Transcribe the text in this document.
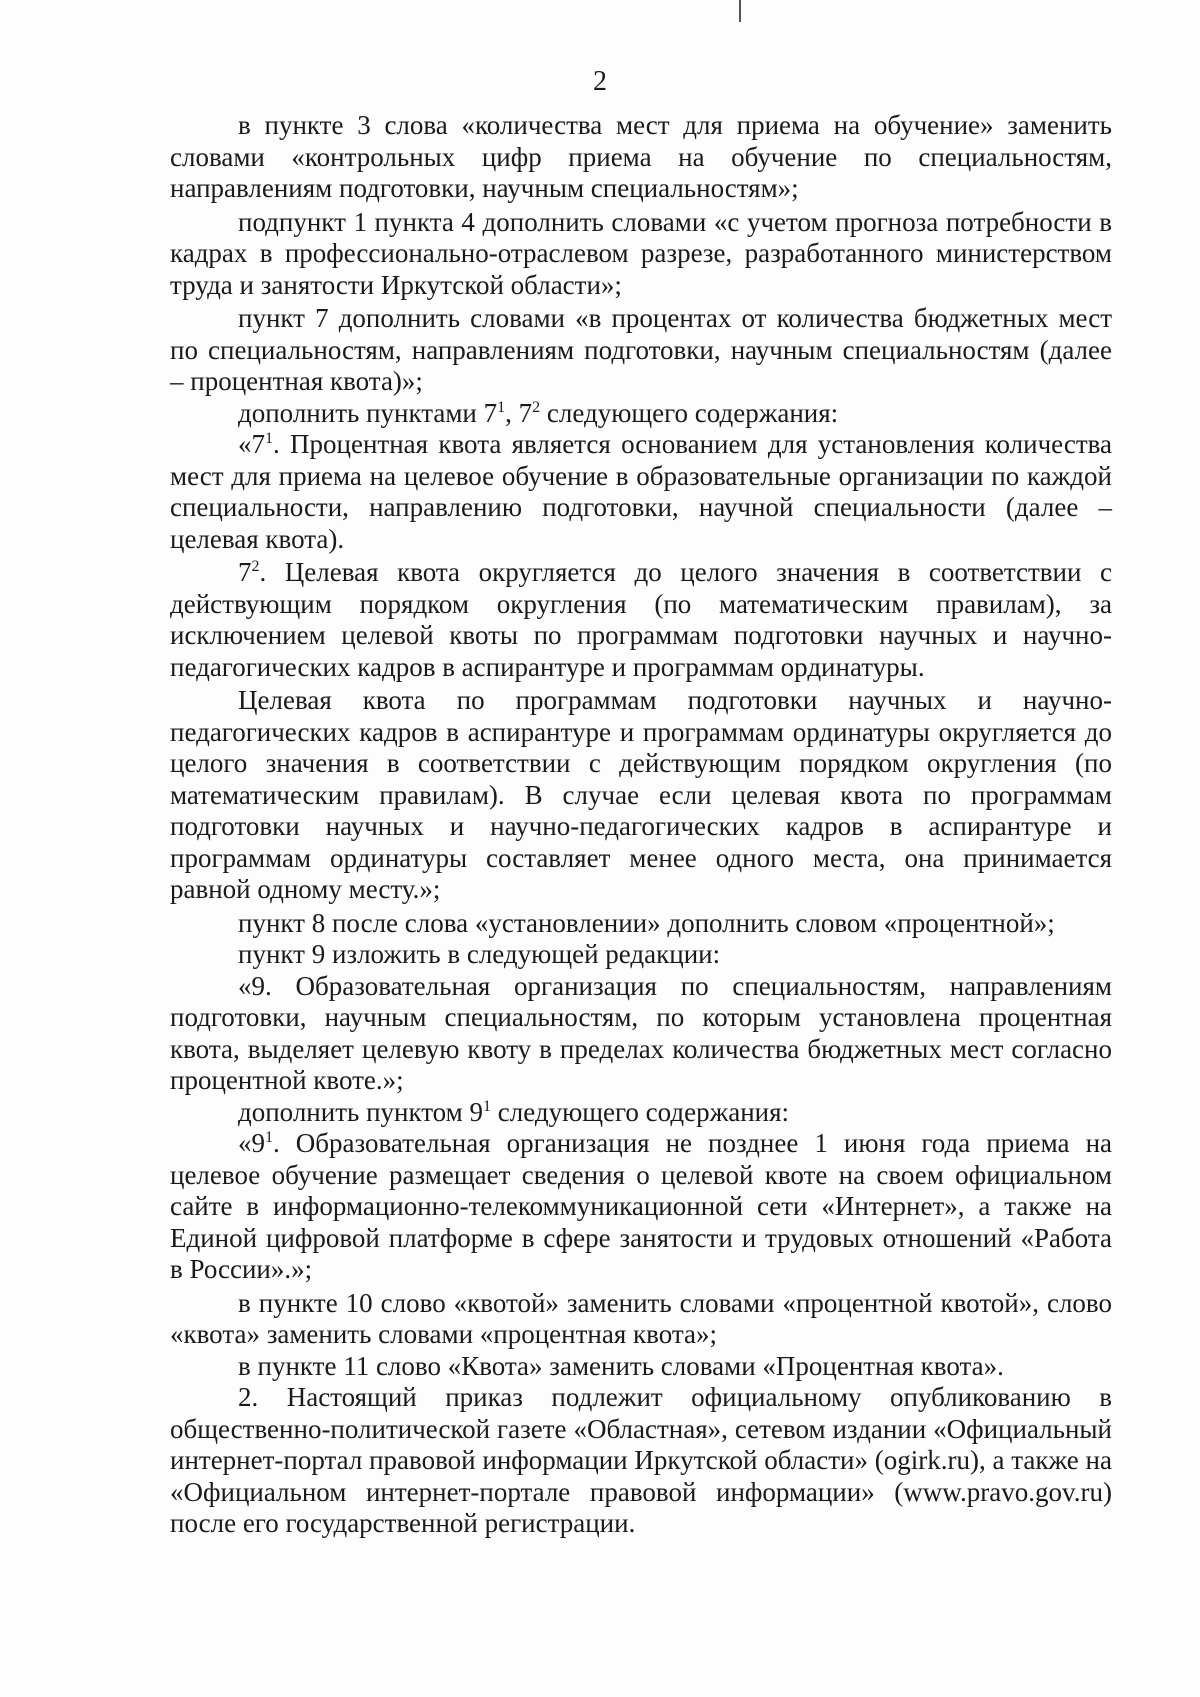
2

в пункте 3 слова «количества мест для приема на обучение» заменить словами «контрольных цифр приема на обучение по специальностям, направлениям подготовки, научным специальностям»;

подпункт 1 пункта 4 дополнить словами «с учетом прогноза потребности в кадрах в профессионально-отраслевом разрезе, разработанного министерством труда и занятости Иркутской области»;

пункт 7 дополнить словами «в процентах от количества бюджетных мест по специальностям, направлениям подготовки, научным специальностям (далее – процентная квота)»;

дополнить пунктами $7^1$, $7^2$ следующего содержания:

«$7^1$. Процентная квота является основанием для установления количества мест для приема на целевое обучение в образовательные организации по каждой специальности, направлению подготовки, научной специальности (далее – целевая квота).

$7^2$. Целевая квота округляется до целого значения в соответствии с действующим порядком округления (по математическим правилам), за исключением целевой квоты по программам подготовки научных и научно-педагогических кадров в аспирантуре и программам ординатуры.

Целевая квота по программам подготовки научных и научно-педагогических кадров в аспирантуре и программам ординатуры округляется до целого значения в соответствии с действующим порядком округления (по математическим правилам). В случае если целевая квота по программам подготовки научных и научно-педагогических кадров в аспирантуре и программам ординатуры составляет менее одного места, она принимается равной одному месту.»;

пункт 8 после слова «установлении» дополнить словом «процентной»;

пункт 9 изложить в следующей редакции:

«9. Образовательная организация по специальностям, направлениям подготовки, научным специальностям, по которым установлена процентная квота, выделяет целевую квоту в пределах количества бюджетных мест согласно процентной квоте.»;

дополнить пунктом $9^1$ следующего содержания:

«$9^1$. Образовательная организация не позднее 1 июня года приема на целевое обучение размещает сведения о целевой квоте на своем официальном сайте в информационно-телекоммуникационной сети «Интернет», а также на Единой цифровой платформе в сфере занятости и трудовых отношений «Работа в России».»;

в пункте 10 слово «квотой» заменить словами «процентной квотой», слово «квота» заменить словами «процентная квота»;

в пункте 11 слово «Квота» заменить словами «Процентная квота».

2. Настоящий приказ подлежит официальному опубликованию в общественно-политической газете «Областная», сетевом издании «Официальный интернет-портал правовой информации Иркутской области» (ogirk.ru), а также на «Официальном интернет-портале правовой информации» (www.pravo.gov.ru) после его государственной регистрации.
